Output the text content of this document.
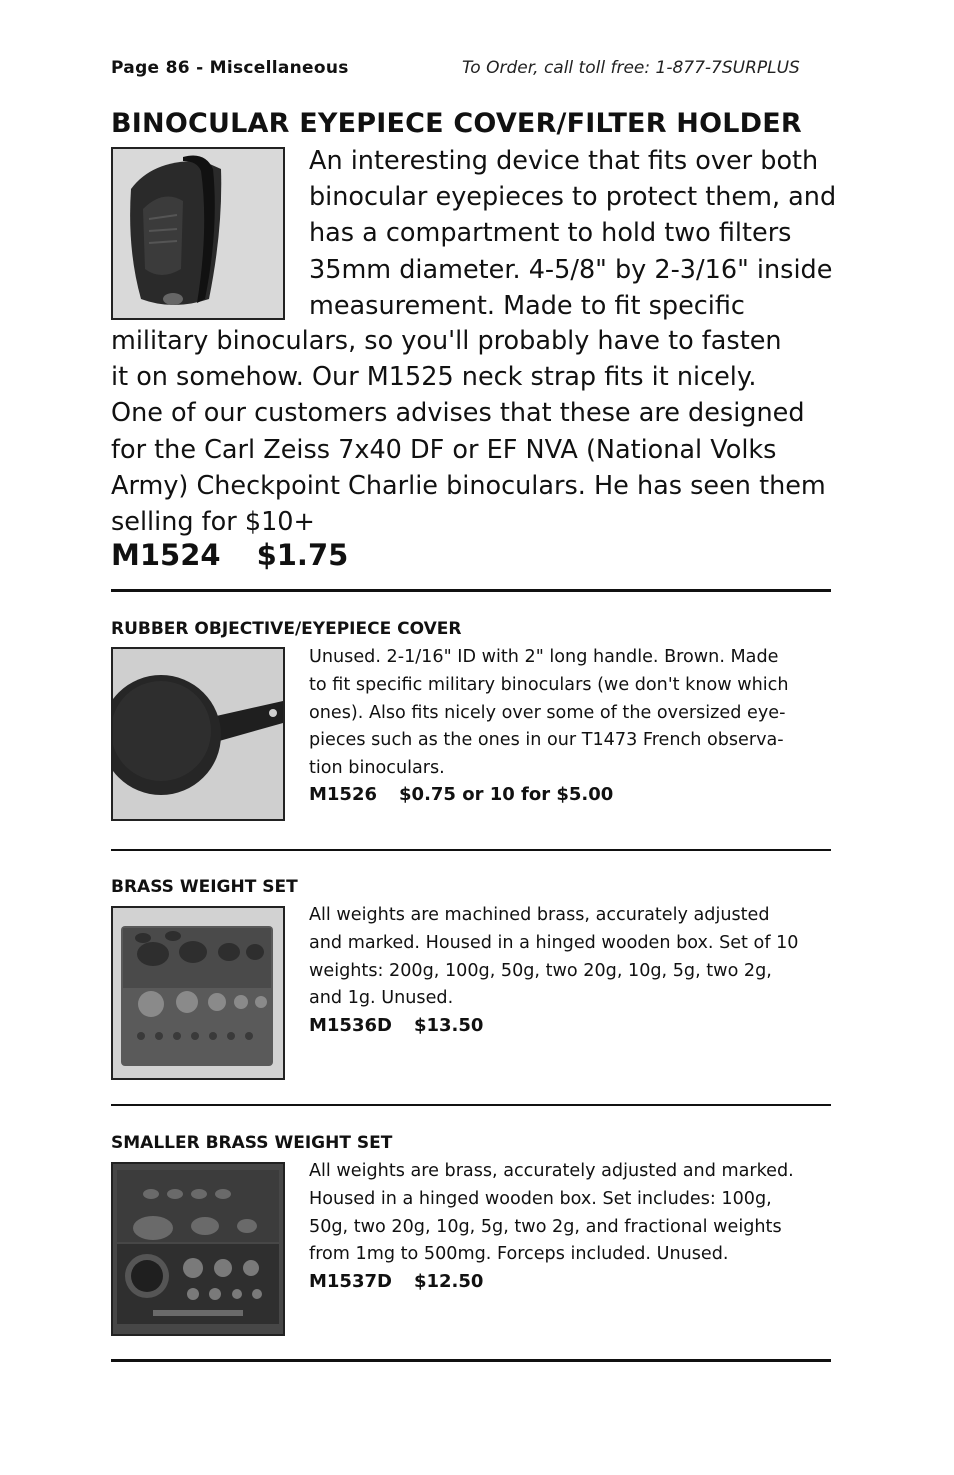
Page 86 - Miscellaneous	To Order, call toll free: 1-877-7SURPLUS
BINOCULAR EYEPIECE COVER/FILTER HOLDER
An interesting device that fits over both
binocular eyepieces to protect them, and
has a compartment to hold two filters
35mm diameter. 4-5/8" by 2-3/16" inside
measurement. Made to fit specific
military binoculars, so you'll probably have to fasten
it on somehow. Our M1525 neck strap fits it nicely.
One of our customers advises that these are designed
for the Carl Zeiss 7x40 DF or EF NVA (National Volks
Army) Checkpoint Charlie binoculars. He has seen them
selling for $10+
M1524 $1.75
RUBBER OBJECTIVE/EYEPIECE COVER
Unused. 2-1/16" ID with 2" long handle. Brown. Made
to fit specific military binoculars (we don't know which
ones). Also fits nicely over some of the oversized eye-
pieces such as the ones in our T1473 French observa-
tion binoculars.
M1526 $0.75 or 10 for $5.00
BRASS WEIGHT SET
All weights are machined brass, accurately adjusted
and marked. Housed in a hinged wooden box. Set of 10
weights: 200g, 100g, 50g, two 20g, 10g, 5g, two 2g,
and 1g. Unused.
M1536D $13.50
SMALLER BRASS WEIGHT SET
All weights are brass, accurately adjusted and marked.
Housed in a hinged wooden box. Set includes: 100g,
50g, two 20g, 10g, 5g, two 2g, and fractional weights
from 1mg to 500mg. Forceps included. Unused.
M1537D $12.50
